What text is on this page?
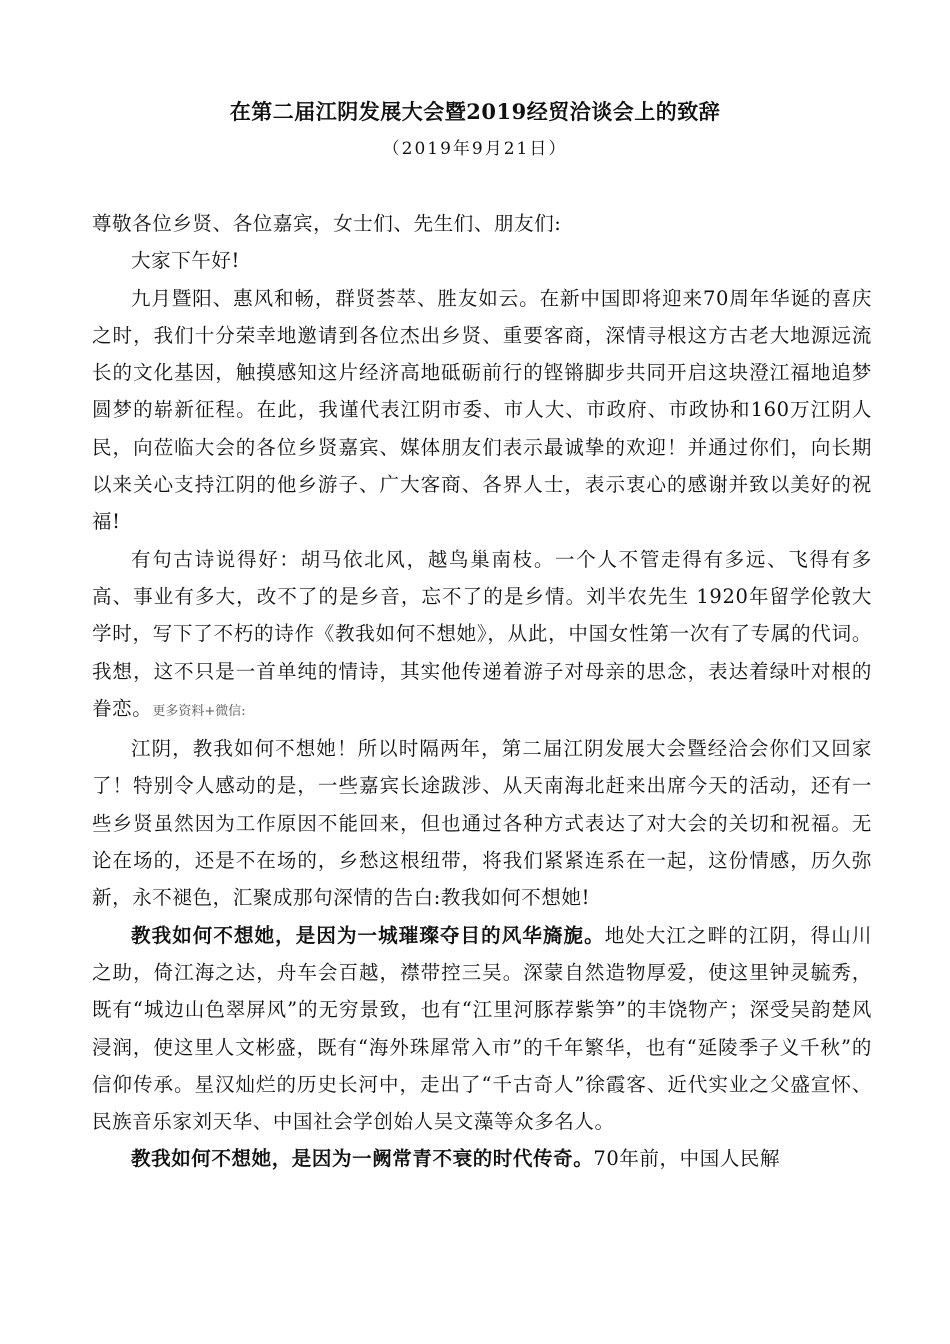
在第二届江阴发展大会暨2019经贸洽谈会上的致辞
（2019年9月21日）

尊敬各位乡贤、各位嘉宾，女士们、先生们、朋友们:

大家下午好!

九月暨阳、惠风和畅，群贤荟萃、胜友如云。在新中国即将迎来70周年华诞的喜庆之时，我们十分荣幸地邀请到各位杰出乡贤、重要客商，深情寻根这方古老大地源远流长的文化基因，触摸感知这片经济高地砥砺前行的铿锵脚步共同开启这块澄江福地追梦圆梦的崭新征程。在此，我谨代表江阴市委、市人大、市政府、市政协和160万江阴人民，向莅临大会的各位乡贤嘉宾、媒体朋友们表示最诚挚的欢迎！并通过你们，向长期以来关心支持江阴的他乡游子、广大客商、各界人士，表示衷心的感谢并致以美好的祝福!

有句古诗说得好：胡马依北风，越鸟巢南枝。一个人不管走得有多远、飞得有多高、事业有多大，改不了的是乡音，忘不了的是乡情。刘半农先生 1920年留学伦敦大学时，写下了不朽的诗作《教我如何不想她》，从此，中国女性第一次有了专属的代词。我想，这不只是一首单纯的情诗，其实他传递着游子对母亲的思念，表达着绿叶对根的眷恋。更多资料+微信:

江阴，教我如何不想她！所以时隔两年，第二届江阴发展大会暨经洽会你们又回家了！特别令人感动的是，一些嘉宾长途跋涉、从天南海北赶来出席今天的活动，还有一些乡贤虽然因为工作原因不能回来，但也通过各种方式表达了对大会的关切和祝福。无论在场的，还是不在场的，乡愁这根纽带，将我们紧紧连系在一起，这份情感，历久弥新，永不褪色，汇聚成那句深情的告白:教我如何不想她!

教我如何不想她，是因为一城璀璨夺目的风华旖旎。地处大江之畔的江阴，得山川之助，倚江海之达，舟车会百越，襟带控三吴。深蒙自然造物厚爱，使这里钟灵毓秀，既有“城边山色翠屏风”的无穷景致，也有“江里河豚荐紫笋”的丰饶物产；深受吴韵楚风浸润，使这里人文彬盛，既有“海外珠犀常入市”的千年繁华，也有“延陵季子义千秋”的信仰传承。星汉灿烂的历史长河中，走出了“千古奇人”徐霞客、近代实业之父盛宣怀、民族音乐家刘天华、中国社会学创始人吴文藻等众多名人。

教我如何不想她，是因为一阙常青不衰的时代传奇。70年前，中国人民解
